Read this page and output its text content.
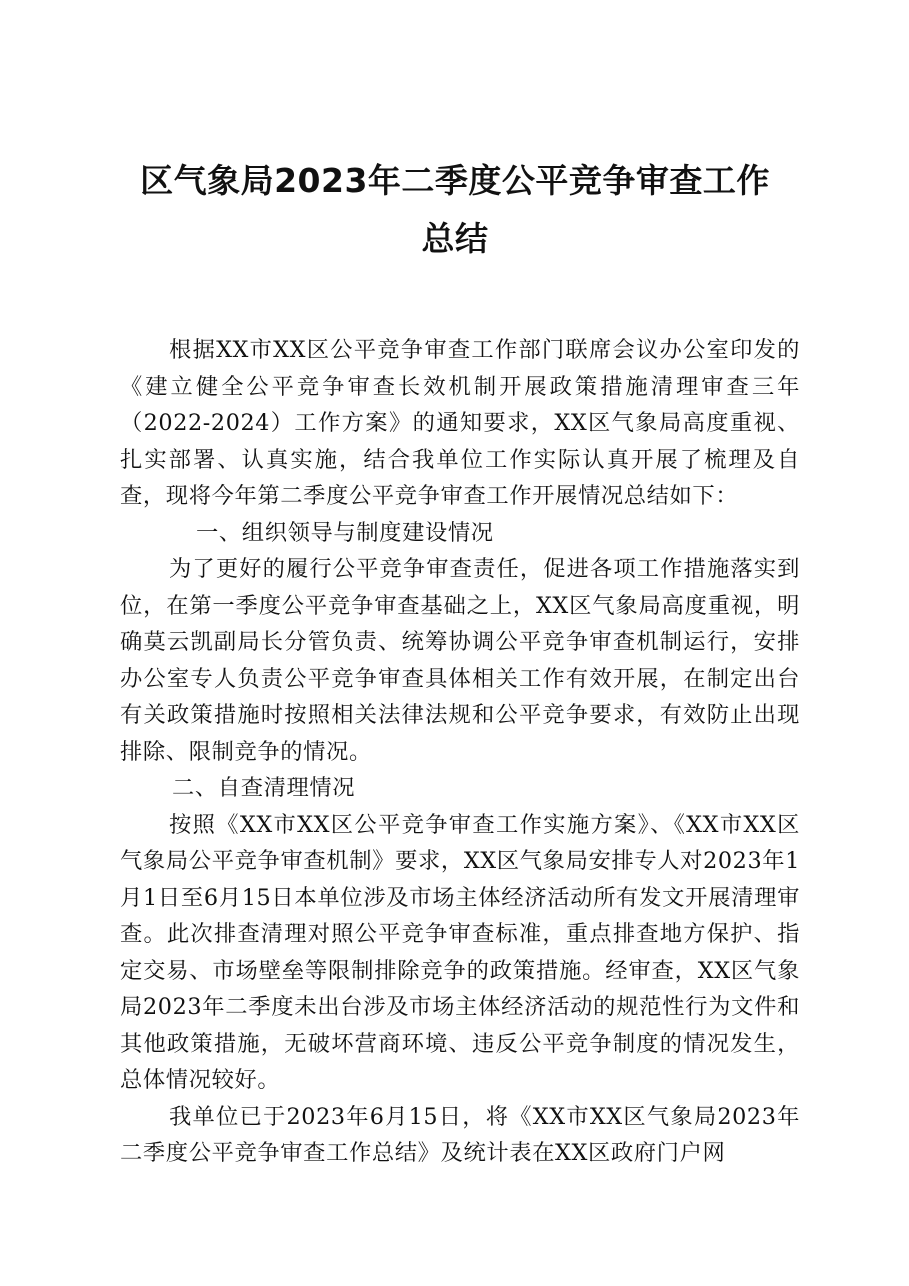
区气象局2023年二季度公平竞争审查工作总结

根据XX市XX区公平竞争审查工作部门联席会议办公室印发的《建立健全公平竞争审查长效机制开展政策措施清理审查三年（2022-2024）工作方案》的通知要求，XX区气象局高度重视、扎实部署、认真实施，结合我单位工作实际认真开展了梳理及自查，现将今年第二季度公平竞争审查工作开展情况总结如下：

一、组织领导与制度建设情况

为了更好的履行公平竞争审查责任，促进各项工作措施落实到位，在第一季度公平竞争审查基础之上，XX区气象局高度重视，明确莫云凯副局长分管负责、统筹协调公平竞争审查机制运行，安排办公室专人负责公平竞争审查具体相关工作有效开展，在制定出台有关政策措施时按照相关法律法规和公平竞争要求，有效防止出现排除、限制竞争的情况。

二、自查清理情况

按照《XX市XX区公平竞争审查工作实施方案》、《XX市XX区气象局公平竞争审查机制》要求，XX区气象局安排专人对2023年1月1日至6月15日本单位涉及市场主体经济活动所有发文开展清理审查。此次排查清理对照公平竞争审查标准，重点排查地方保护、指定交易、市场壁垒等限制排除竞争的政策措施。经审查，XX区气象局2023年二季度未出台涉及市场主体经济活动的规范性行为文件和其他政策措施，无破坏营商环境、违反公平竞争制度的情况发生，总体情况较好。

我单位已于2023年6月15日，将《XX市XX区气象局2023年二季度公平竞争审查工作总结》及统计表在XX区政府门户网
